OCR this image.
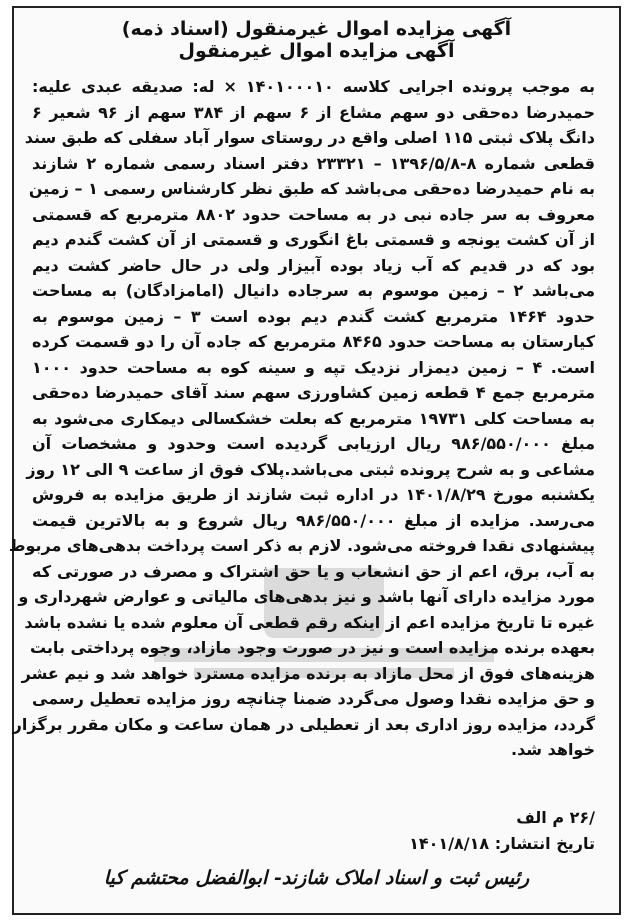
آگهی مزایده اموال غیرمنقول (اسناد ذمه)
آگهی مزایده اموال غیرمنقول
به موجب پرونده اجرایی کلاسه ۱۴۰۱۰۰۰۱۰ × له: صدیقه عبدی علیه:
حمیدرضا ده‌حقی دو سهم مشاع از ۶ سهم از ۳۸۴ سهم از ۹۶ شعیر ۶
دانگ پلاک ثبتی ۱۱۵ اصلی واقع در روستای سوار آباد سفلی که طبق سند
قطعی شماره ۸-۱۳۹۶/۵/۸ – ۲۳۳۲۱ دفتر اسناد رسمی شماره ۲ شازند
به نام حمیدرضا ده‌حقی می‌باشد که طبق نظر کارشناس رسمی ۱ – زمین
معروف به سر جاده نبی در به مساحت حدود ۸۸۰۲ مترمربع که قسمتی
از آن کشت یونجه و قسمتی باغ انگوری و قسمتی از آن کشت گندم دیم
بود که در قدیم که آب زیاد بوده آبیزار ولی در حال حاضر کشت دیم
می‌باشد ۲ – زمین موسوم به سرجاده دانیال (امامزادگان) به مساحت
حدود ۱۴۶۴ مترمربع کشت گندم دیم بوده است ۳ – زمین موسوم به
کیارستان به مساحت حدود ۸۴۶۵ مترمربع که جاده آن را دو قسمت کرده
است. ۴ – زمین دیمزار نزدیک تپه و سینه کوه به مساحت حدود ۱۰۰۰
مترمربع جمع ۴ قطعه زمین کشاورزی سهم سند آقای حمیدرضا ده‌حقی
به مساحت کلی ۱۹۷۳۱ مترمربع که بعلت خشکسالی دیمکاری می‌شود به
مبلغ ۹۸۶/۵۵۰/۰۰۰ ریال ارزیابی گردیده است وحدود و مشخصات آن
مشاعی و به شرح پرونده ثبتی می‌باشد.پلاک فوق از ساعت ۹ الی ۱۲ روز
یکشنبه مورخ ۱۴۰۱/۸/۲۹ در اداره ثبت شازند از طریق مزایده به فروش
می‌رسد. مزایده از مبلغ ۹۸۶/۵۵۰/۰۰۰ ریال شروع و به بالاترین قیمت
پیشنهادی نقدا فروخته می‌شود. لازم به ذکر است پرداخت بدهی‌های مربوط
به آب، برق، اعم از حق انشعاب و یا حق اشتراک و مصرف در صورتی که
مورد مزایده دارای آنها باشد و نیز بدهی‌های مالیاتی و عوارض شهرداری و
غیره تا تاریخ مزایده اعم از اینکه رقم قطعی آن معلوم شده یا نشده باشد
بعهده برنده مزایده است و نیز در صورت وجود مازاد، وجوه پرداختی بابت
هزینه‌های فوق از محل مازاد به برنده مزایده مسترد خواهد شد و نیم عشر
و حق مزایده نقدا وصول می‌گردد ضمنا چنانچه روز مزایده تعطیل رسمی
گردد، مزایده روز اداری بعد از تعطیلی در همان ساعت و مکان مقرر برگزار
خواهد شد.
/۲۶ م الف
تاریخ انتشار: ۱۴۰۱/۸/۱۸
رئیس ثبت و اسناد املاک شازند- ابوالفضل محتشم کیا
